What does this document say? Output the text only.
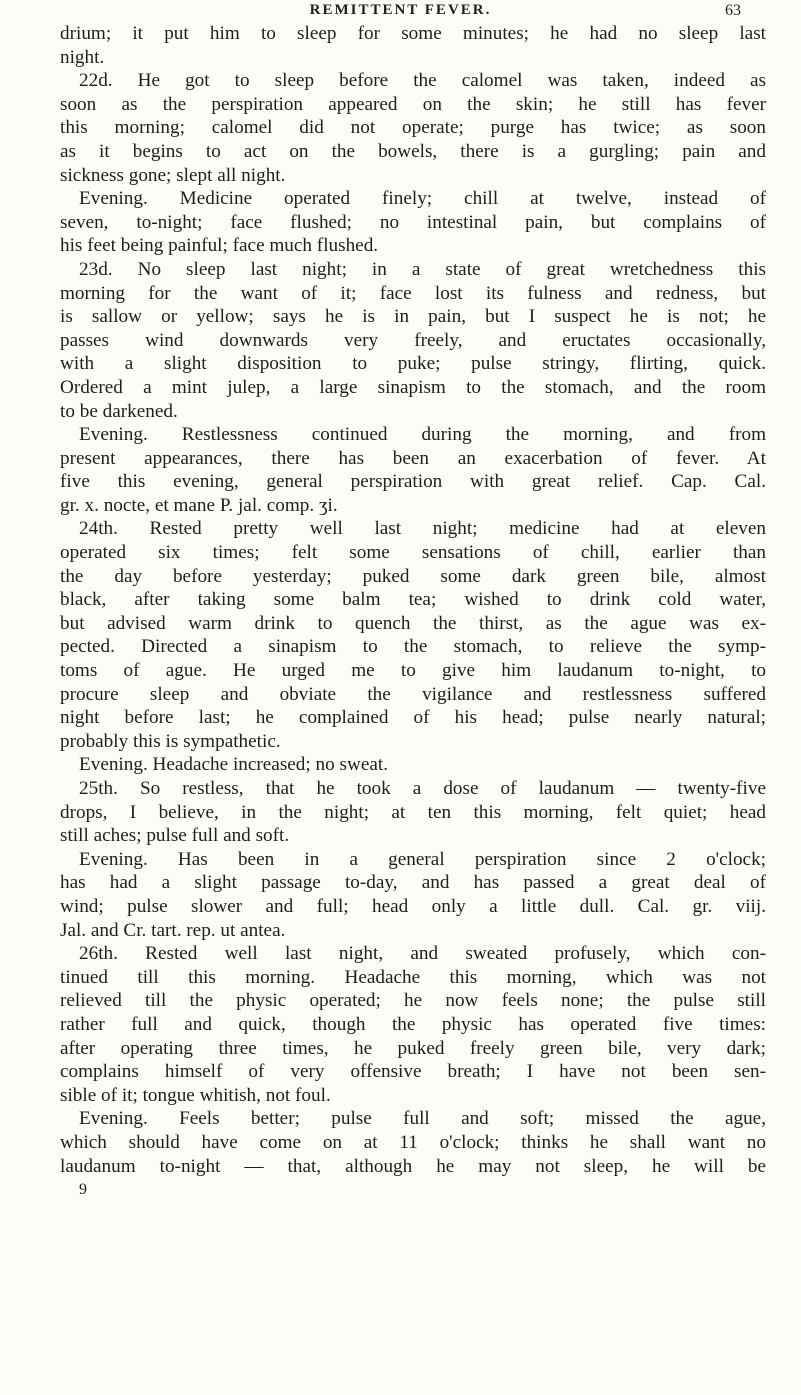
REMITTENT FEVER.	63
drium; it put him to sleep for some minutes; he had no sleep last
night.
22d. He got to sleep before the calomel was taken, indeed as
soon as the perspiration appeared on the skin; he still has fever
this morning; calomel did not operate; purge has twice; as soon
as it begins to act on the bowels, there is a gurgling; pain and
sickness gone; slept all night.
Evening. Medicine operated finely; chill at twelve, instead of
seven, to-night; face flushed; no intestinal pain, but complains of
his feet being painful; face much flushed.
23d. No sleep last night; in a state of great wretchedness this
morning for the want of it; face lost its fulness and redness, but
is sallow or yellow; says he is in pain, but I suspect he is not; he
passes wind downwards very freely, and eructates occasionally,
with a slight disposition to puke; pulse stringy, flirting, quick.
Ordered a mint julep, a large sinapism to the stomach, and the room
to be darkened.
Evening. Restlessness continued during the morning, and from
present appearances, there has been an exacerbation of fever. At
five this evening, general perspiration with great relief. Cap. Cal.
gr. x. nocte, et mane P. jal. comp. ʒi.
24th. Rested pretty well last night; medicine had at eleven
operated six times; felt some sensations of chill, earlier than
the day before yesterday; puked some dark green bile, almost
black, after taking some balm tea; wished to drink cold water,
but advised warm drink to quench the thirst, as the ague was ex-
pected. Directed a sinapism to the stomach, to relieve the symp-
toms of ague. He urged me to give him laudanum to-night, to
procure sleep and obviate the vigilance and restlessness suffered
night before last; he complained of his head; pulse nearly natural;
probably this is sympathetic.
Evening. Headache increased; no sweat.
25th. So restless, that he took a dose of laudanum — twenty-five
drops, I believe, in the night; at ten this morning, felt quiet; head
still aches; pulse full and soft.
Evening. Has been in a general perspiration since 2 o'clock;
has had a slight passage to-day, and has passed a great deal of
wind; pulse slower and full; head only a little dull. Cal. gr. viij.
Jal. and Cr. tart. rep. ut antea.
26th. Rested well last night, and sweated profusely, which con-
tinued till this morning. Headache this morning, which was not
relieved till the physic operated; he now feels none; the pulse still
rather full and quick, though the physic has operated five times:
after operating three times, he puked freely green bile, very dark;
complains himself of very offensive breath; I have not been sen-
sible of it; tongue whitish, not foul.
Evening. Feels better; pulse full and soft; missed the ague,
which should have come on at 11 o'clock; thinks he shall want no
laudanum to-night — that, although he may not sleep, he will be
9
